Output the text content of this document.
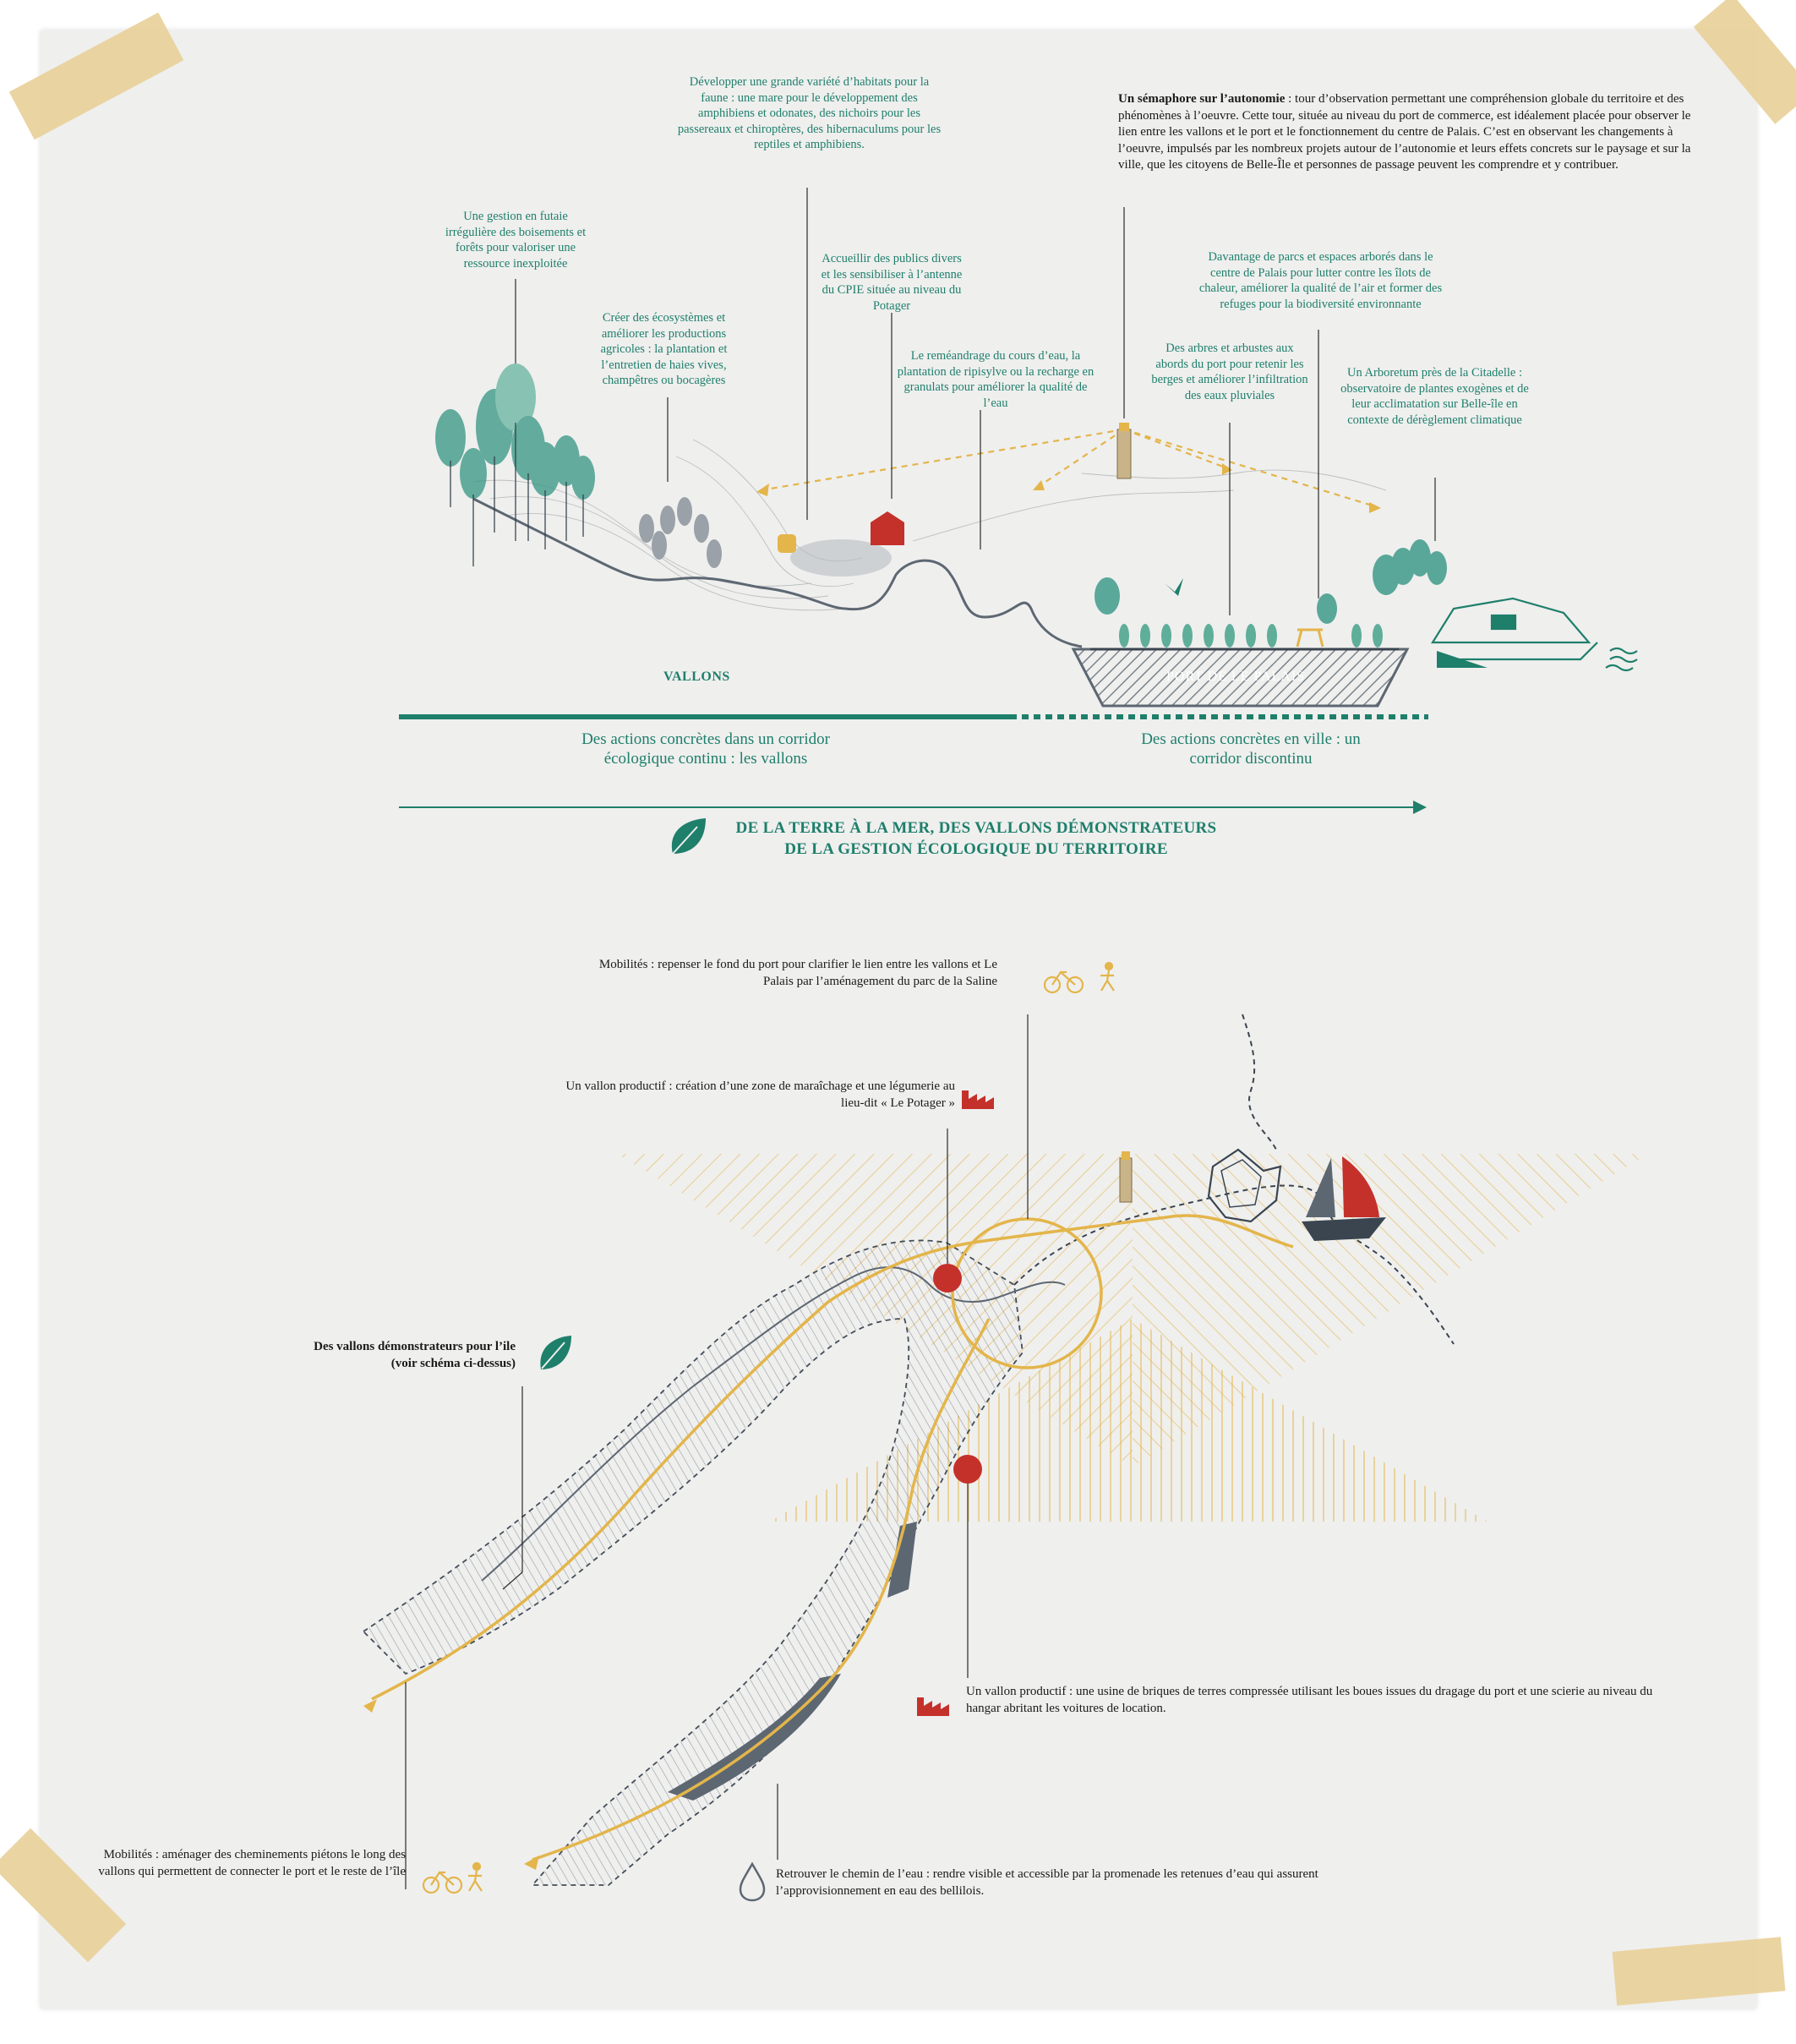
Une gestion en futaie irrégulière des boisements et forêts pour valoriser une ressource inexploitée
Développer une grande variété d’habitats pour la faune : une mare pour le développement des amphibiens et odonates, des nichoirs pour les passereaux et chiroptères, des hibernaculums pour les reptiles et amphibiens.
Créer des écosystèmes et améliorer les productions agricoles : la plantation et l’entretien de haies vives, champêtres ou bocagères
Accueillir des publics divers et les sensibiliser à l’antenne du CPIE située au niveau du Potager
Le reméandrage du cours d’eau, la plantation de ripisylve ou la recharge en granulats pour améliorer la qualité de l’eau
Un sémaphore sur l’autonomie : tour d’observation permettant une compréhension globale du territoire et des phénomènes à l’oeuvre. Cette tour, située au niveau du port de commerce, est idéalement placée pour observer le lien entre les vallons et le port et le fonctionnement du centre de Palais. C’est en observant les changements à l’oeuvre, impulsés par les nombreux projets autour de l’autonomie et leurs effets concrets sur le paysage et sur la ville, que les citoyens de Belle-Île et personnes de passage peuvent les comprendre et y contribuer.
Davantage de parcs et espaces arborés dans le centre de Palais pour lutter contre les îlots de chaleur, améliorer la qualité de l’air et former des refuges pour la biodiversité environnante
Des arbres et arbustes aux abords du port pour retenir les berges et améliorer l’infiltration des eaux pluviales
Un Arboretum près de la Citadelle : observatoire de plantes exogènes et de leur acclimatation sur Belle-île en contexte de dérèglement climatique
VALLONS	PORT DE LE PALAIS
Des actions concrètes dans un corridor écologique continu : les vallons
Des actions concrètes en ville : un corridor discontinu
DE LA TERRE À LA MER, DES VALLONS DÉMONSTRATEURS
DE LA GESTION ÉCOLOGIQUE DU TERRITOIRE
Mobilités : repenser le fond du port pour clarifier le lien entre les vallons et Le Palais par l’aménagement du parc de la Saline
Un vallon productif : création d’une zone de maraîchage et une légumerie au lieu-dit « Le Potager »
Des vallons démonstrateurs pour l’ile
(voir schéma ci-dessus)
Un vallon productif : une usine de briques de terres compressée utilisant les boues issues du dragage du port et une scierie au niveau du hangar abritant les voitures de location.
Mobilités : aménager des cheminements piétons le long des vallons qui permettent de connecter le port et le reste de l’île	Retrouver le chemin de l’eau : rendre visible et accessible par la promenade les retenues d’eau qui assurent l’approvisionnement en eau des bellilois.
